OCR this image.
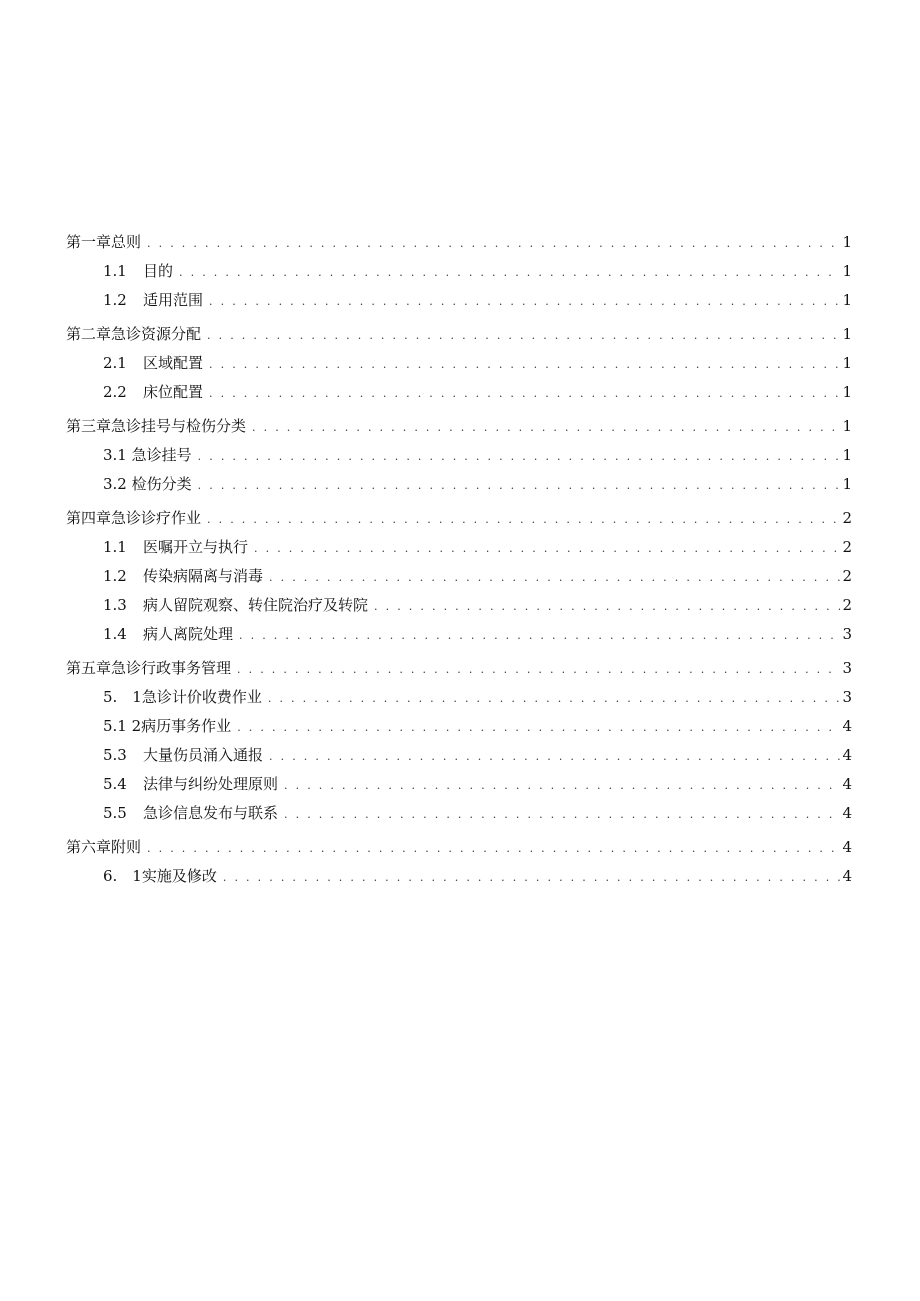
第一章总则 . . .	1
1.1 目的 . . .	1
1.2 适用范围 . . .	1
第二章急诊资源分配 . . .	1
2.1 区域配置 . . .	1
2.2 床位配置 . . .	1
第三章急诊挂号与检伤分类 . . .	1
3.1 急诊挂号 . . .	1
3.2 检伤分类 . . .	1
第四章急诊诊疗作业 . . .	2
1.1 医嘱开立与执行 . . .	2
1.2 传染病隔离与消毒 . . .	2
1.3 病人留院观察、转住院治疗及转院 . . .	2
1.4 病人离院处理 . . .	3
第五章急诊行政事务管理 . . .	3
5.　1急诊计价收费作业 . . .	3
5.1 2病历事务作业 . . .	4
5.3 大量伤员涌入通报 . . .	4
5.4 法律与纠纷处理原则 . . .	4
5.5 急诊信息发布与联系 . . .	4
第六章附则 . . .	4
6.　1实施及修改 . . .	4
